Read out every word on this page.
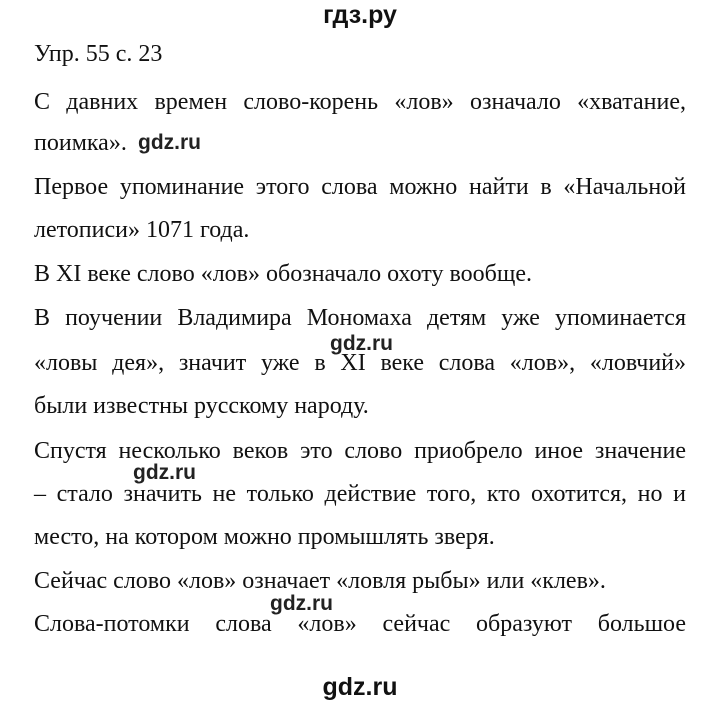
гдз.ру
Упр. 55 с. 23
С давних времен слово-корень «лов» означало «хватание,
поимка». gdz.ru
Первое упоминание этого слова можно найти в «Начальной
летописи» 1071 года.
В XI веке слово «лов» обозначало охоту вообще.
В поучении Владимира Мономаха детям уже упоминается
gdz.ru
«ловы дея», значит уже в XI веке слова «лов», «ловчий»
были известны русскому народу.
Спустя несколько веков это слово приобрело иное значение
gdz.ru
– стало значить не только действие того, кто охотится, но и
место, на котором можно промышлять зверя.
Сейчас слово «лов» означает «ловля рыбы» или «клев».
gdz.ru
Слова-потомки слова «лов» сейчас образуют большое
gdz.ru
